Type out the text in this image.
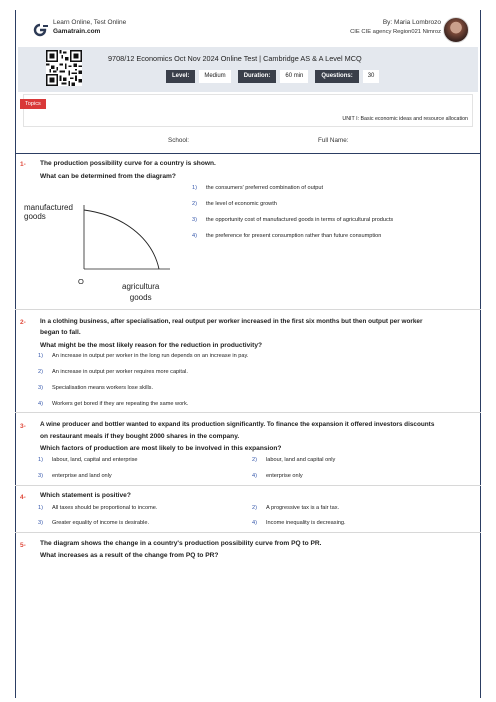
Learn Online, Test Online
Gamatrain.com
By: Maria Lombrozo
CIE CIE agency Region021 Nimroz
9708/12 Economics Oct Nov 2024 Online Test | Cambridge AS & A Level MCQ
Level:	Medium	Duration:	60 min	Questions:	30
Topics
UNIT I: Basic economic ideas and resource allocation
School:	Full Name:
1- The production possibility curve for a country is shown.
What can be determined from the diagram?
manufactured
goods
O
agricultura
goods
1) the consumers' preferred combination of output
2) the level of economic growth
3) the opportunity cost of manufactured goods in terms of agricultural products
4) the preference for present consumption rather than future consumption
2- In a clothing business, after specialisation, real output per worker increased in the first six months but then output per worker
began to fall.
What might be the most likely reason for the reduction in productivity?
1) An increase in output per worker in the long run depends on an increase in pay.
2) An increase in output per worker requires more capital.
3) Specialisation means workers lose skills.
4) Workers get bored if they are repeating the same work.
3- A wine producer and bottler wanted to expand its production significantly. To finance the expansion it offered investors discounts
on restaurant meals if they bought 2000 shares in the company.
Which factors of production are most likely to be involved in this expansion?
1) labour, land, capital and enterprise	2) labour, land and capital only
3) enterprise and land only	4) enterprise only
4- Which statement is positive?
1) All taxes should be proportional to income.	2) A progressive tax is a fair tax.
3) Greater equality of income is desirable.	4) Income inequality is decreasing.
5- The diagram shows the change in a country's production possibility curve from PQ to PR.
What increases as a result of the change from PQ to PR?
